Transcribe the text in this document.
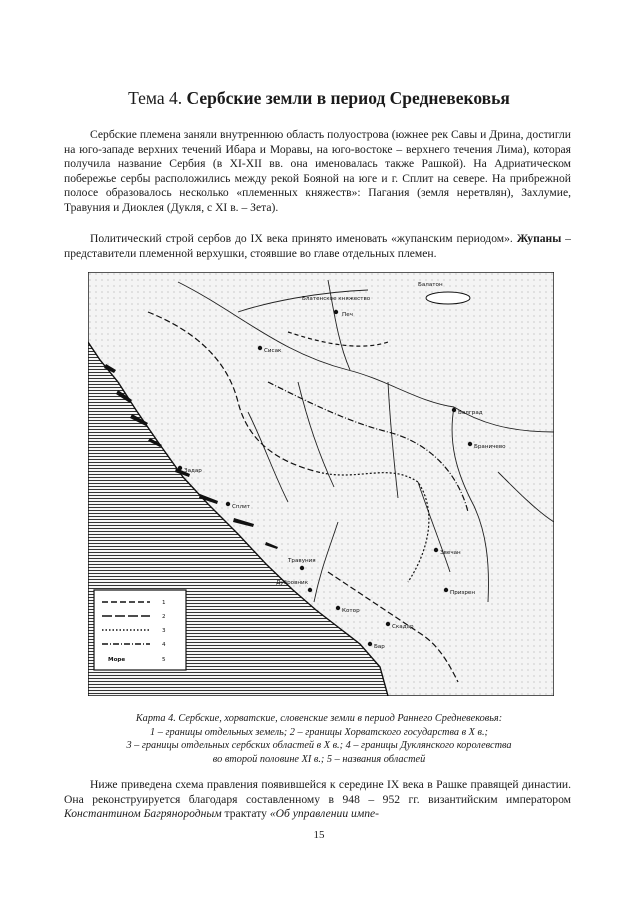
Тема 4. Сербские земли в период Средневековья
Сербские племена заняли внутреннюю область полуострова (южнее рек Савы и Дрина, достигли на юго-западе верхних течений Ибара и Моравы, на юго-востоке – верхнего течения Лима), которая получила название Сербия (в XI-XII вв. она именовалась также Рашкой). На Адриатическом побережье сербы расположились между рекой Бояной на юге и г. Сплит на севере. На прибрежной полосе образовалось несколько «племенных княжеств»: Пагания (земля неретвлян), Захлумие, Травуния и Диоклея (Дукля, с XI в. – Зета).
Политический строй сербов до IX века принято именовать «жупанским периодом». Жупаны – представители племенной верхушки, стоявшие во главе отдельных племен.
Балатон
Блатенское княжество
Печ
Сисак
Задар
Сплит
Белград
Браничево
Травуния
Дубровник
Котор
Скадар
Звечан
Призрен
Бар
Море
1
2
3
4
5
Карта 4. Сербские, хорватские, словенские земли в период Раннего Средневековья:
1 – границы отдельных земель; 2 – границы Хорватского государства в X в.;
3 – границы отдельных сербских областей в X в.; 4 – границы Дуклянского королевства
во второй половине XI в.; 5 – названия областей
Ниже приведена схема правления появившейся к середине IX века в Рашке правящей династии. Она реконструируется благодаря составленному в 948 – 952 гг. византийским императором Константином Багрянородным трактату «Об управлении импе-
15
